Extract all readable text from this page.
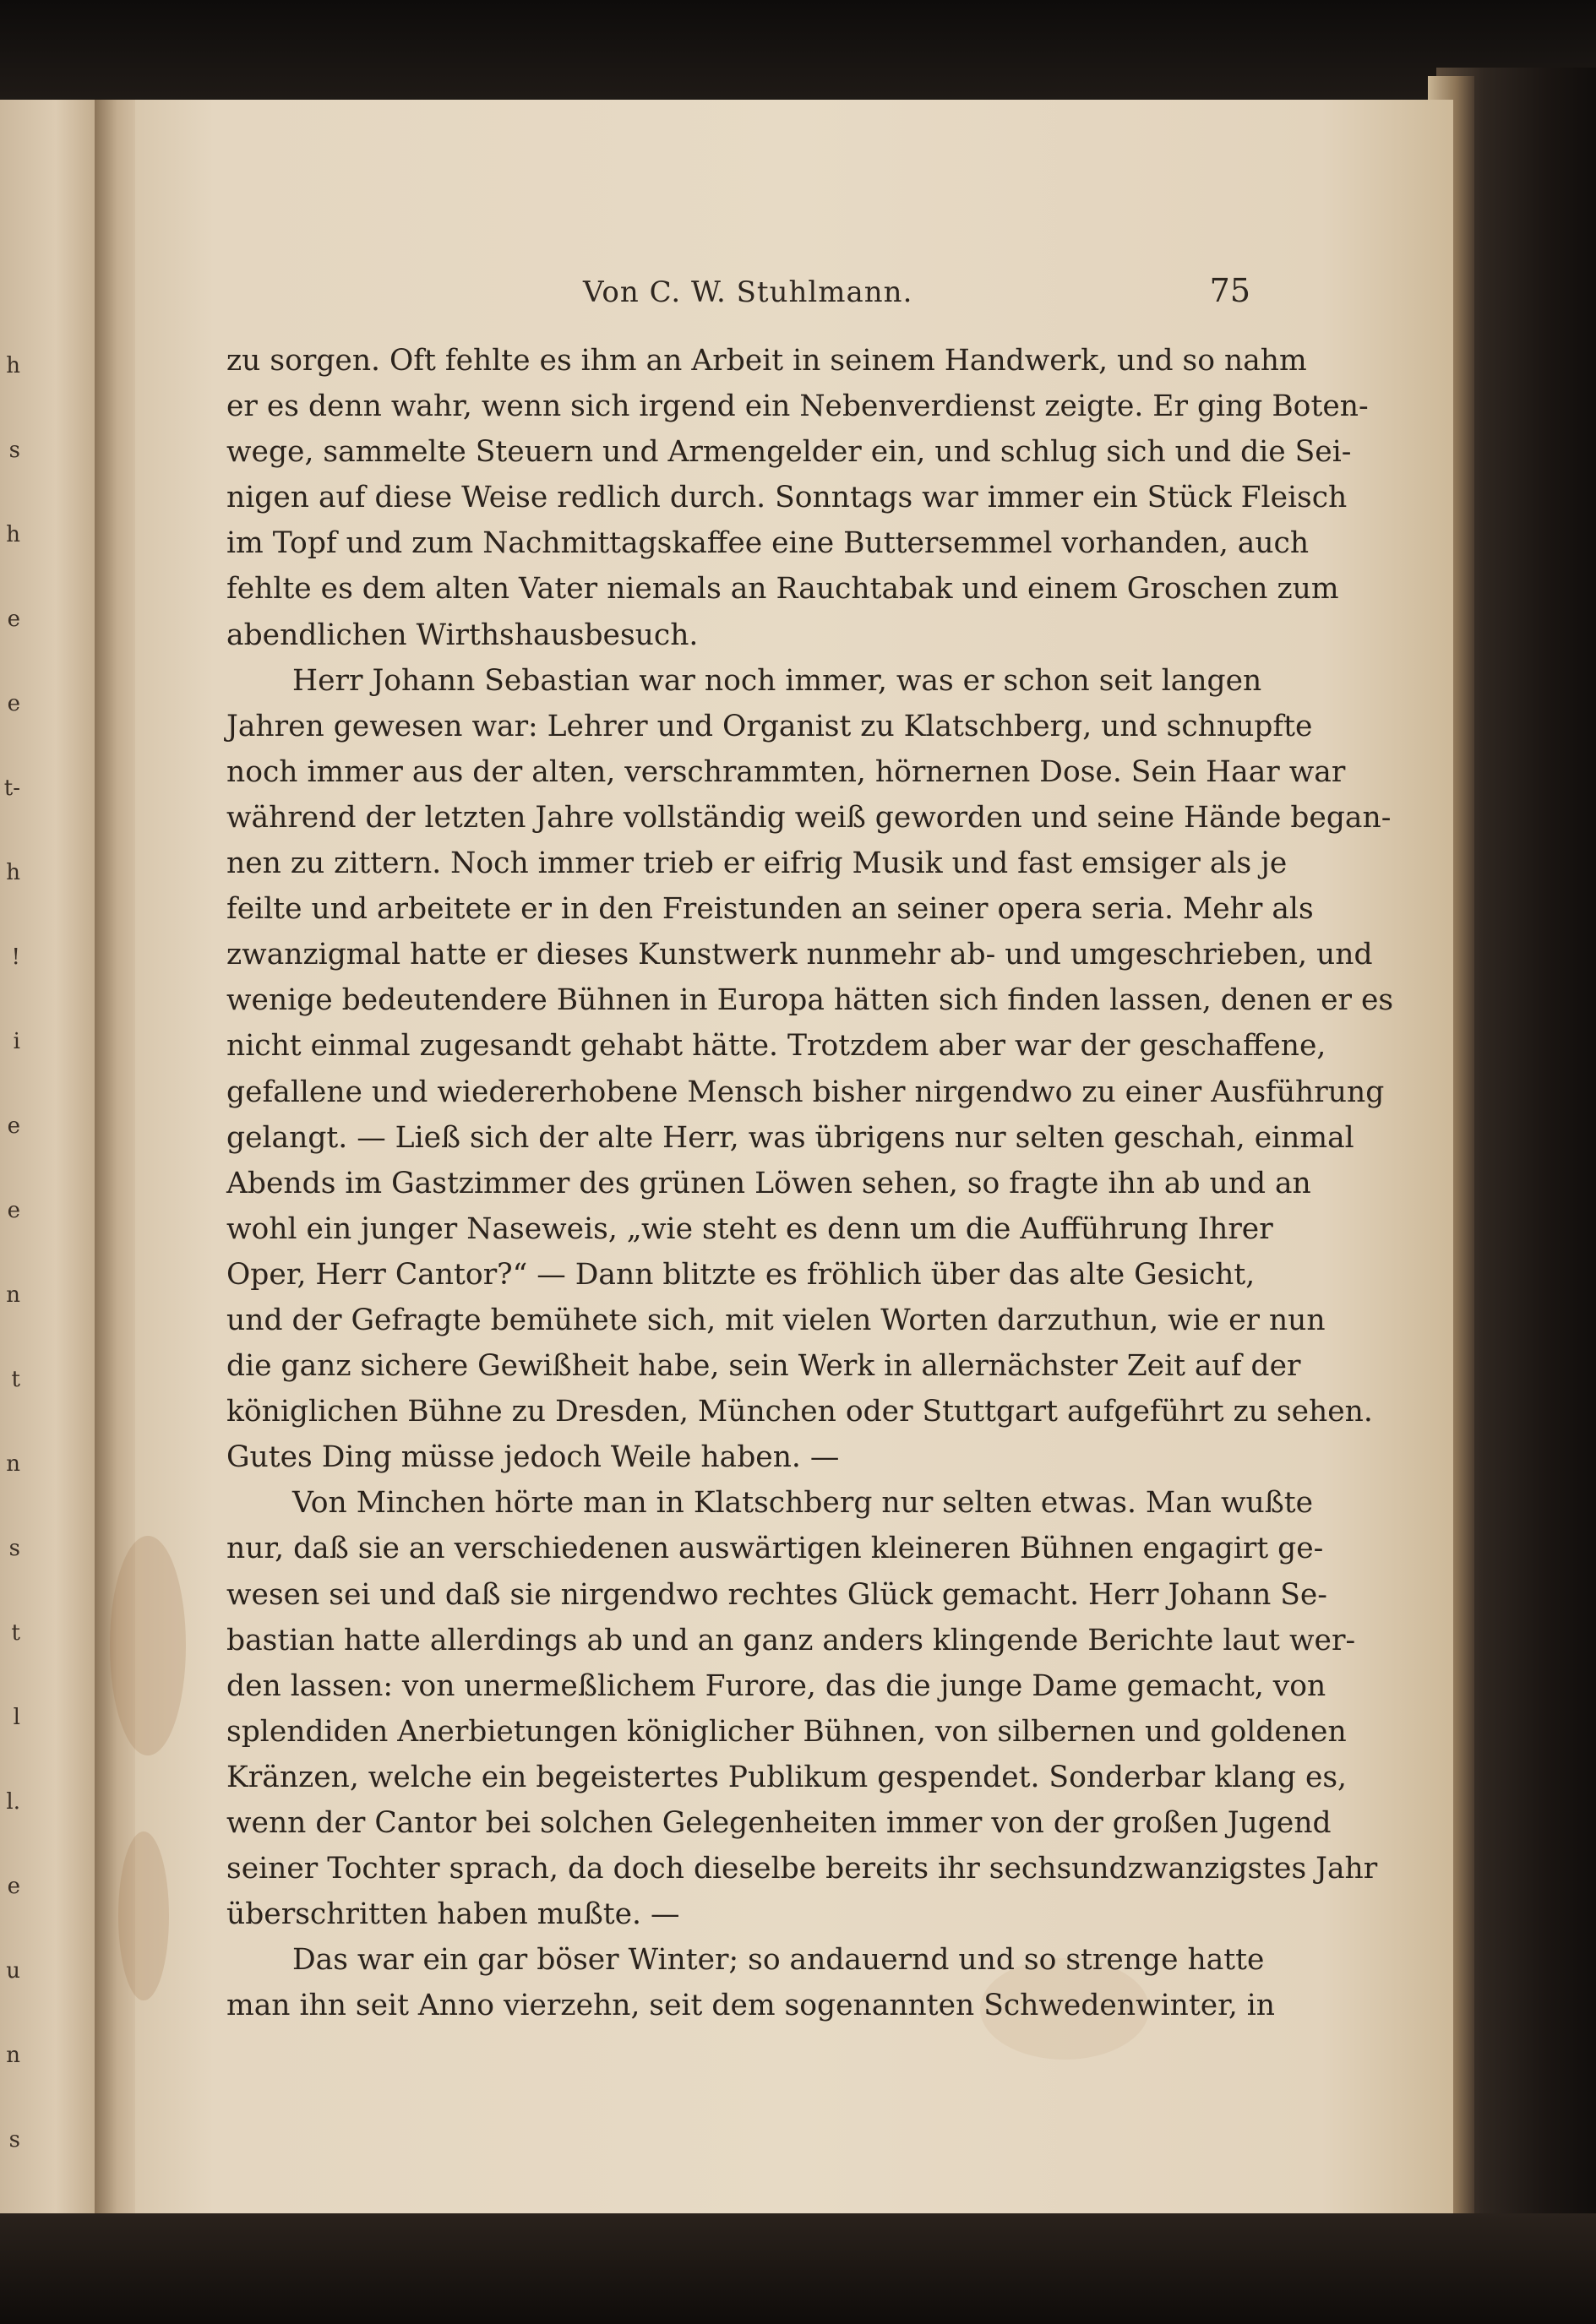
h
s
h
e
e
t-
h
!
i
e
e
n
t
n
s
t
l
l.
e
u
n
s
Von C. W. Stuhlmann.	75
zu sorgen. Oft fehlte es ihm an Arbeit in seinem Handwerk, und so nahm
er es denn wahr, wenn sich irgend ein Nebenverdienst zeigte. Er ging Boten-
wege, sammelte Steuern und Armengelder ein, und schlug sich und die Sei-
nigen auf diese Weise redlich durch. Sonntags war immer ein Stück Fleisch
im Topf und zum Nachmittagskaffee eine Buttersemmel vorhanden, auch
fehlte es dem alten Vater niemals an Rauchtabak und einem Groschen zum
abendlichen Wirthshausbesuch.
Herr Johann Sebastian war noch immer, was er schon seit langen
Jahren gewesen war: Lehrer und Organist zu Klatschberg, und schnupfte
noch immer aus der alten, verschrammten, hörnernen Dose. Sein Haar war
während der letzten Jahre vollständig weiß geworden und seine Hände began-
nen zu zittern. Noch immer trieb er eifrig Musik und fast emsiger als je
feilte und arbeitete er in den Freistunden an seiner opera seria. Mehr als
zwanzigmal hatte er dieses Kunstwerk nunmehr ab- und umgeschrieben, und
wenige bedeutendere Bühnen in Europa hätten sich finden lassen, denen er es
nicht einmal zugesandt gehabt hätte. Trotzdem aber war der geschaffene,
gefallene und wiedererhobene Mensch bisher nirgendwo zu einer Ausführung
gelangt. — Ließ sich der alte Herr, was übrigens nur selten geschah, einmal
Abends im Gastzimmer des grünen Löwen sehen, so fragte ihn ab und an
wohl ein junger Naseweis, „wie steht es denn um die Aufführung Ihrer
Oper, Herr Cantor?“ — Dann blitzte es fröhlich über das alte Gesicht,
und der Gefragte bemühete sich, mit vielen Worten darzuthun, wie er nun
die ganz sichere Gewißheit habe, sein Werk in allernächster Zeit auf der
königlichen Bühne zu Dresden, München oder Stuttgart aufgeführt zu sehen.
Gutes Ding müsse jedoch Weile haben. —
Von Minchen hörte man in Klatschberg nur selten etwas. Man wußte
nur, daß sie an verschiedenen auswärtigen kleineren Bühnen engagirt ge-
wesen sei und daß sie nirgendwo rechtes Glück gemacht. Herr Johann Se-
bastian hatte allerdings ab und an ganz anders klingende Berichte laut wer-
den lassen: von unermeßlichem Furore, das die junge Dame gemacht, von
splendiden Anerbietungen königlicher Bühnen, von silbernen und goldenen
Kränzen, welche ein begeistertes Publikum gespendet. Sonderbar klang es,
wenn der Cantor bei solchen Gelegenheiten immer von der großen Jugend
seiner Tochter sprach, da doch dieselbe bereits ihr sechsundzwanzigstes Jahr
überschritten haben mußte. —
Das war ein gar böser Winter; so andauernd und so strenge hatte
man ihn seit Anno vierzehn, seit dem sogenannten Schwedenwinter, in
